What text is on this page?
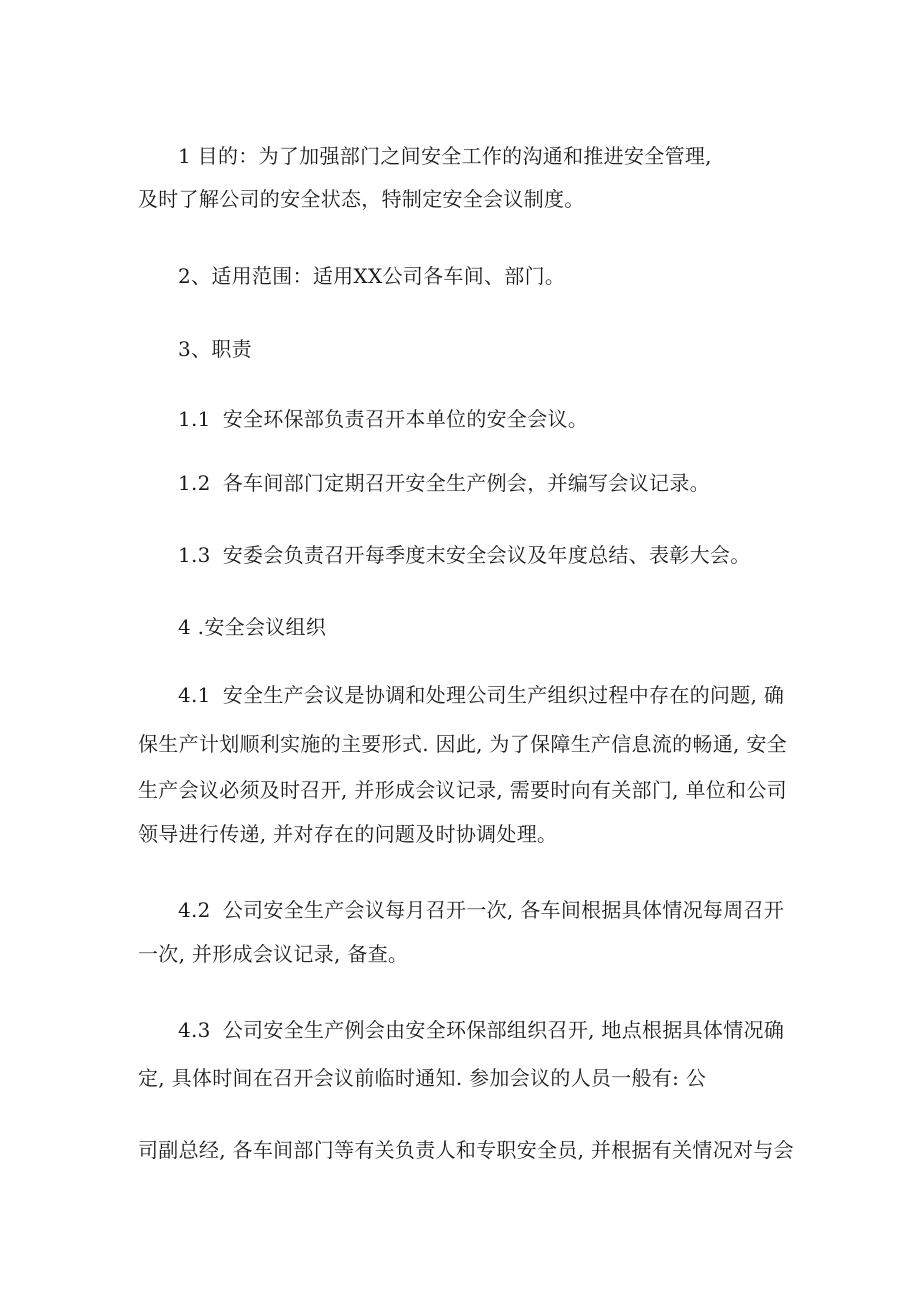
1 目的：为了加强部门之间安全工作的沟通和推进安全管理,
及时了解公司的安全状态，特制定安全会议制度。
2、适用范围：适用XX公司各车间、部门。
3、职责
1.1 安全环保部负责召开本单位的安全会议。
1.2 各车间部门定期召开安全生产例会，并编写会议记录。
1.3 安委会负责召开每季度末安全会议及年度总结、表彰大会。
4 .安全会议组织
4.1 安全生产会议是协调和处理公司生产组织过程中存在的问题, 确
保生产计划顺利实施的主要形式. 因此, 为了保障生产信息流的畅通, 安全
生产会议必须及时召开, 并形成会议记录, 需要时向有关部门, 单位和公司
领导进行传递, 并对存在的问题及时协调处理。
4.2 公司安全生产会议每月召开一次, 各车间根据具体情况每周召开
一次, 并形成会议记录, 备查。
4.3 公司安全生产例会由安全环保部组织召开, 地点根据具体情况确
定, 具体时间在召开会议前临时通知. 参加会议的人员一般有: 公
司副总经, 各车间部门等有关负责人和专职安全员, 并根据有关情况对与会
